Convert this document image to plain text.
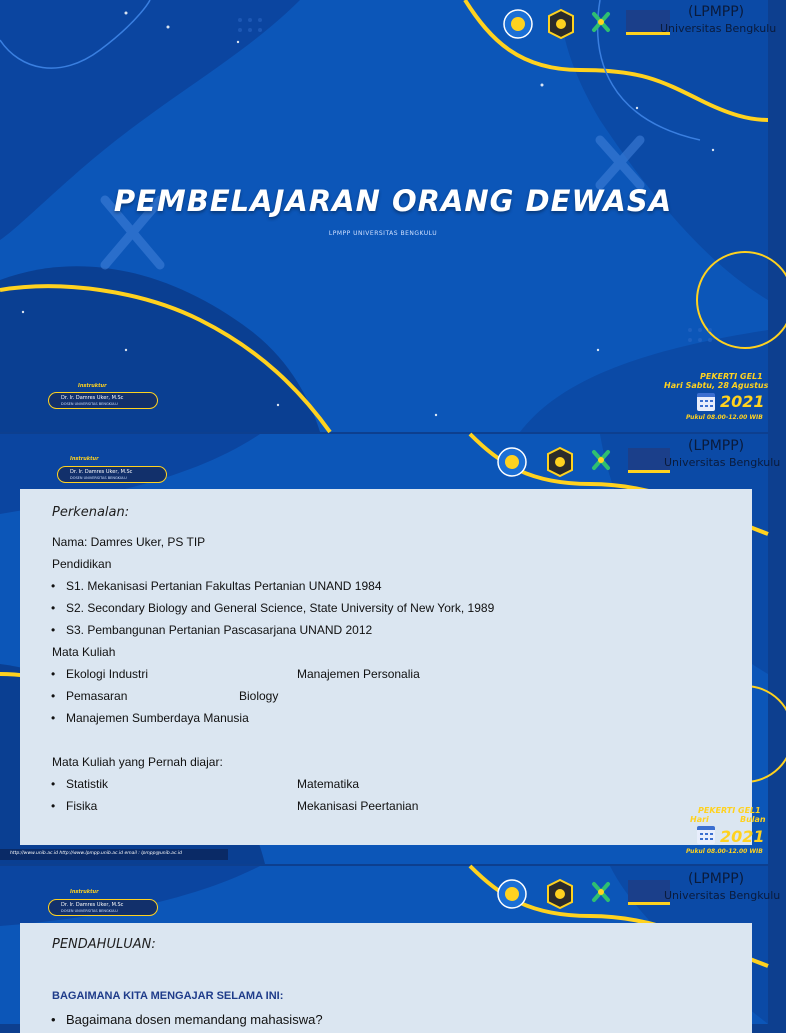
(LPMPP)
Universitas Bengkulu
PEMBELAJARAN ORANG DEWASA
LPMPP UNIVERSITAS BENGKULU
Instruktur
Dr. Ir. Damres Uker, M.Sc
DOSEN UNIVERSITAS BENGKULU
PEKERTI GEL1
Hari Sabtu, 28 Agustus
2021
Pukul 08.00-12.00 WIB
(LPMPP)
Universitas Bengkulu
Instruktur
Dr. Ir. Damres Uker, M.Sc
DOSEN UNIVERSITAS BENGKULU
Perkenalan:
Nama: Damres Uker, PS TIP
Pendidikan
S1. Mekanisasi Pertanian Fakultas Pertanian UNAND 1984
S2. Secondary Biology and General Science, State University of New York, 1989
S3. Pembangunan Pertanian Pascasarjana UNAND 2012
Mata Kuliah
Ekologi Industri	Manajemen Personalia
Pemasaran	Biology
Manajemen Sumberdaya Manusia
Mata Kuliah yang Pernah diajar:
Statistik	Matematika
Fisika	Mekanisasi Peertanian	PEKERTI GEL1
Hari	Bulan
2021
Pukul 08.00-12.00 WIB
http://www.unib.ac.id http://www.lpmpp.unib.ac.id email : lpmpp@unib.ac.id
(LPMPP)
Universitas Bengkulu
Instruktur
Dr. Ir. Damres Uker, M.Sc
DOSEN UNIVERSITAS BENGKULU
PENDAHULUAN:
BAGAIMANA KITA MENGAJAR SELAMA INI:
Bagaimana dosen memandang mahasiswa?
